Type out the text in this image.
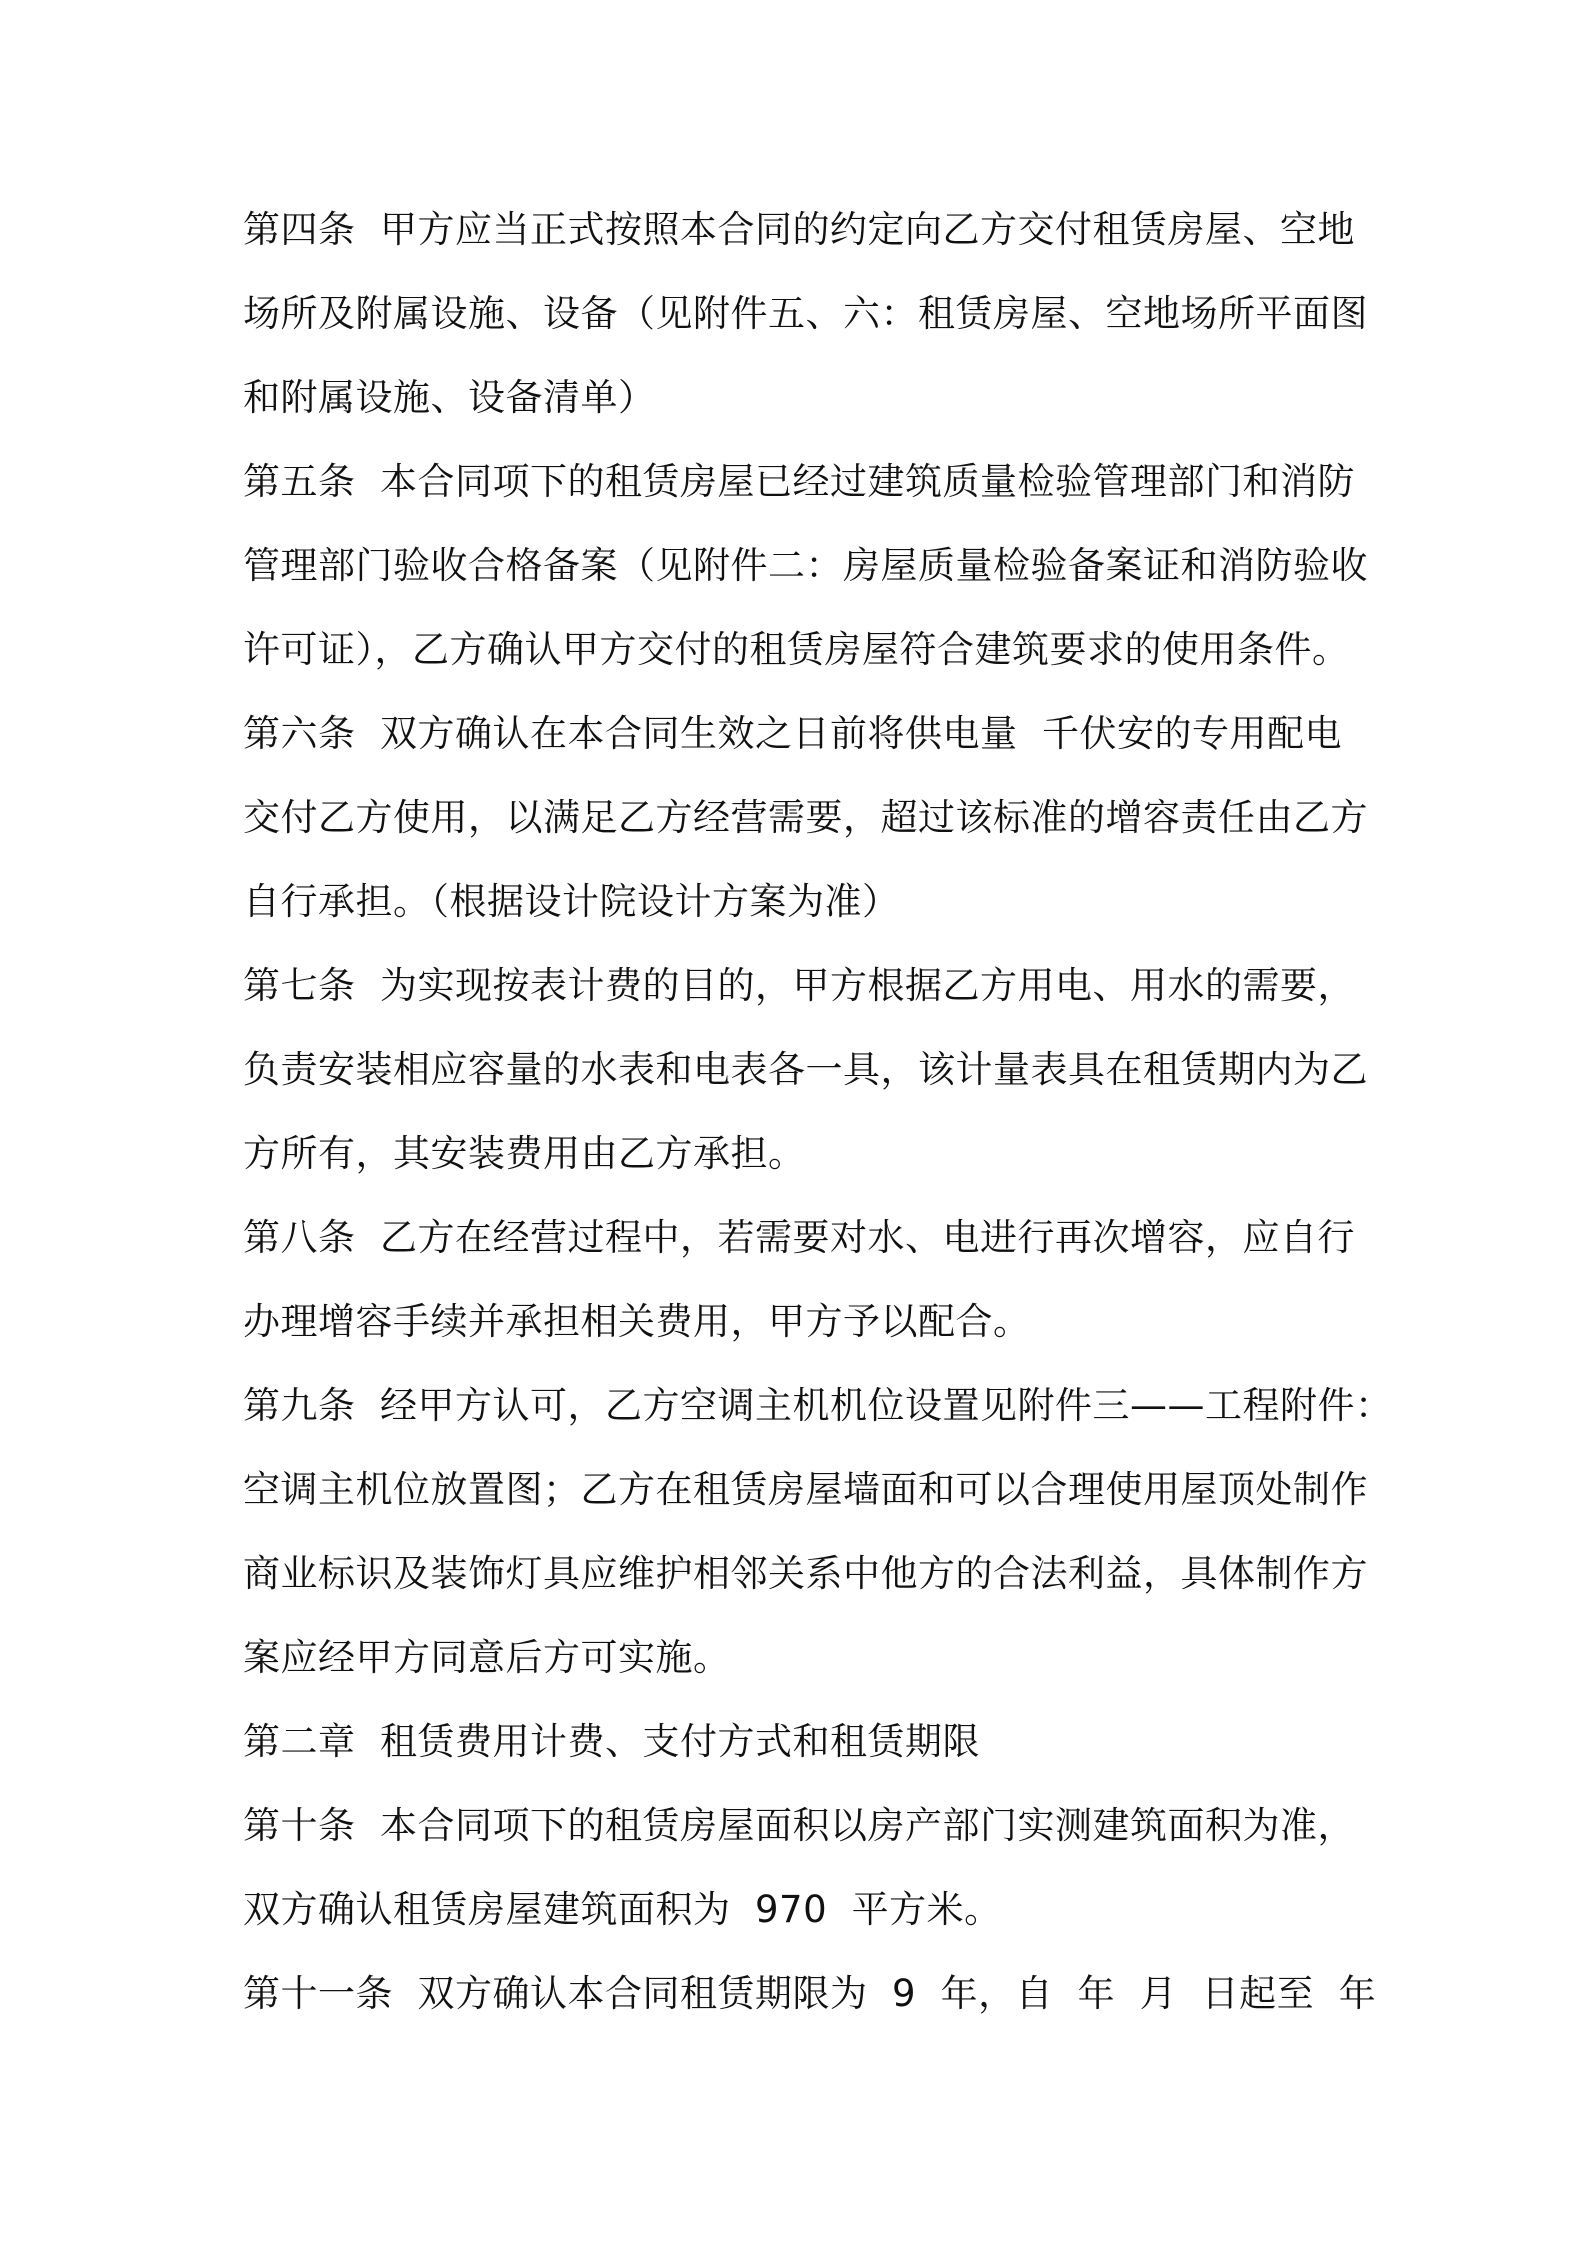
第四条  甲方应当正式按照本合同的约定向乙方交付租赁房屋、空地
场所及附属设施、设备（见附件五、六：租赁房屋、空地场所平面图
和附属设施、设备清单）
第五条  本合同项下的租赁房屋已经过建筑质量检验管理部门和消防
管理部门验收合格备案（见附件二：房屋质量检验备案证和消防验收
许可证），乙方确认甲方交付的租赁房屋符合建筑要求的使用条件。
第六条  双方确认在本合同生效之日前将供电量  千伏安的专用配电
交付乙方使用，以满足乙方经营需要，超过该标准的增容责任由乙方
自行承担。（根据设计院设计方案为准）
第七条  为实现按表计费的目的，甲方根据乙方用电、用水的需要，
负责安装相应容量的水表和电表各一具，该计量表具在租赁期内为乙
方所有，其安装费用由乙方承担。
第八条  乙方在经营过程中，若需要对水、电进行再次增容，应自行
办理增容手续并承担相关费用，甲方予以配合。
第九条  经甲方认可，乙方空调主机机位设置见附件三——工程附件：
空调主机位放置图；乙方在租赁房屋墙面和可以合理使用屋顶处制作
商业标识及装饰灯具应维护相邻关系中他方的合法利益，具体制作方
案应经甲方同意后方可实施。
第二章  租赁费用计费、支付方式和租赁期限
第十条  本合同项下的租赁房屋面积以房产部门实测建筑面积为准，
双方确认租赁房屋建筑面积为  970  平方米。
第十一条  双方确认本合同租赁期限为  9  年，自  年  月  日起至  年
